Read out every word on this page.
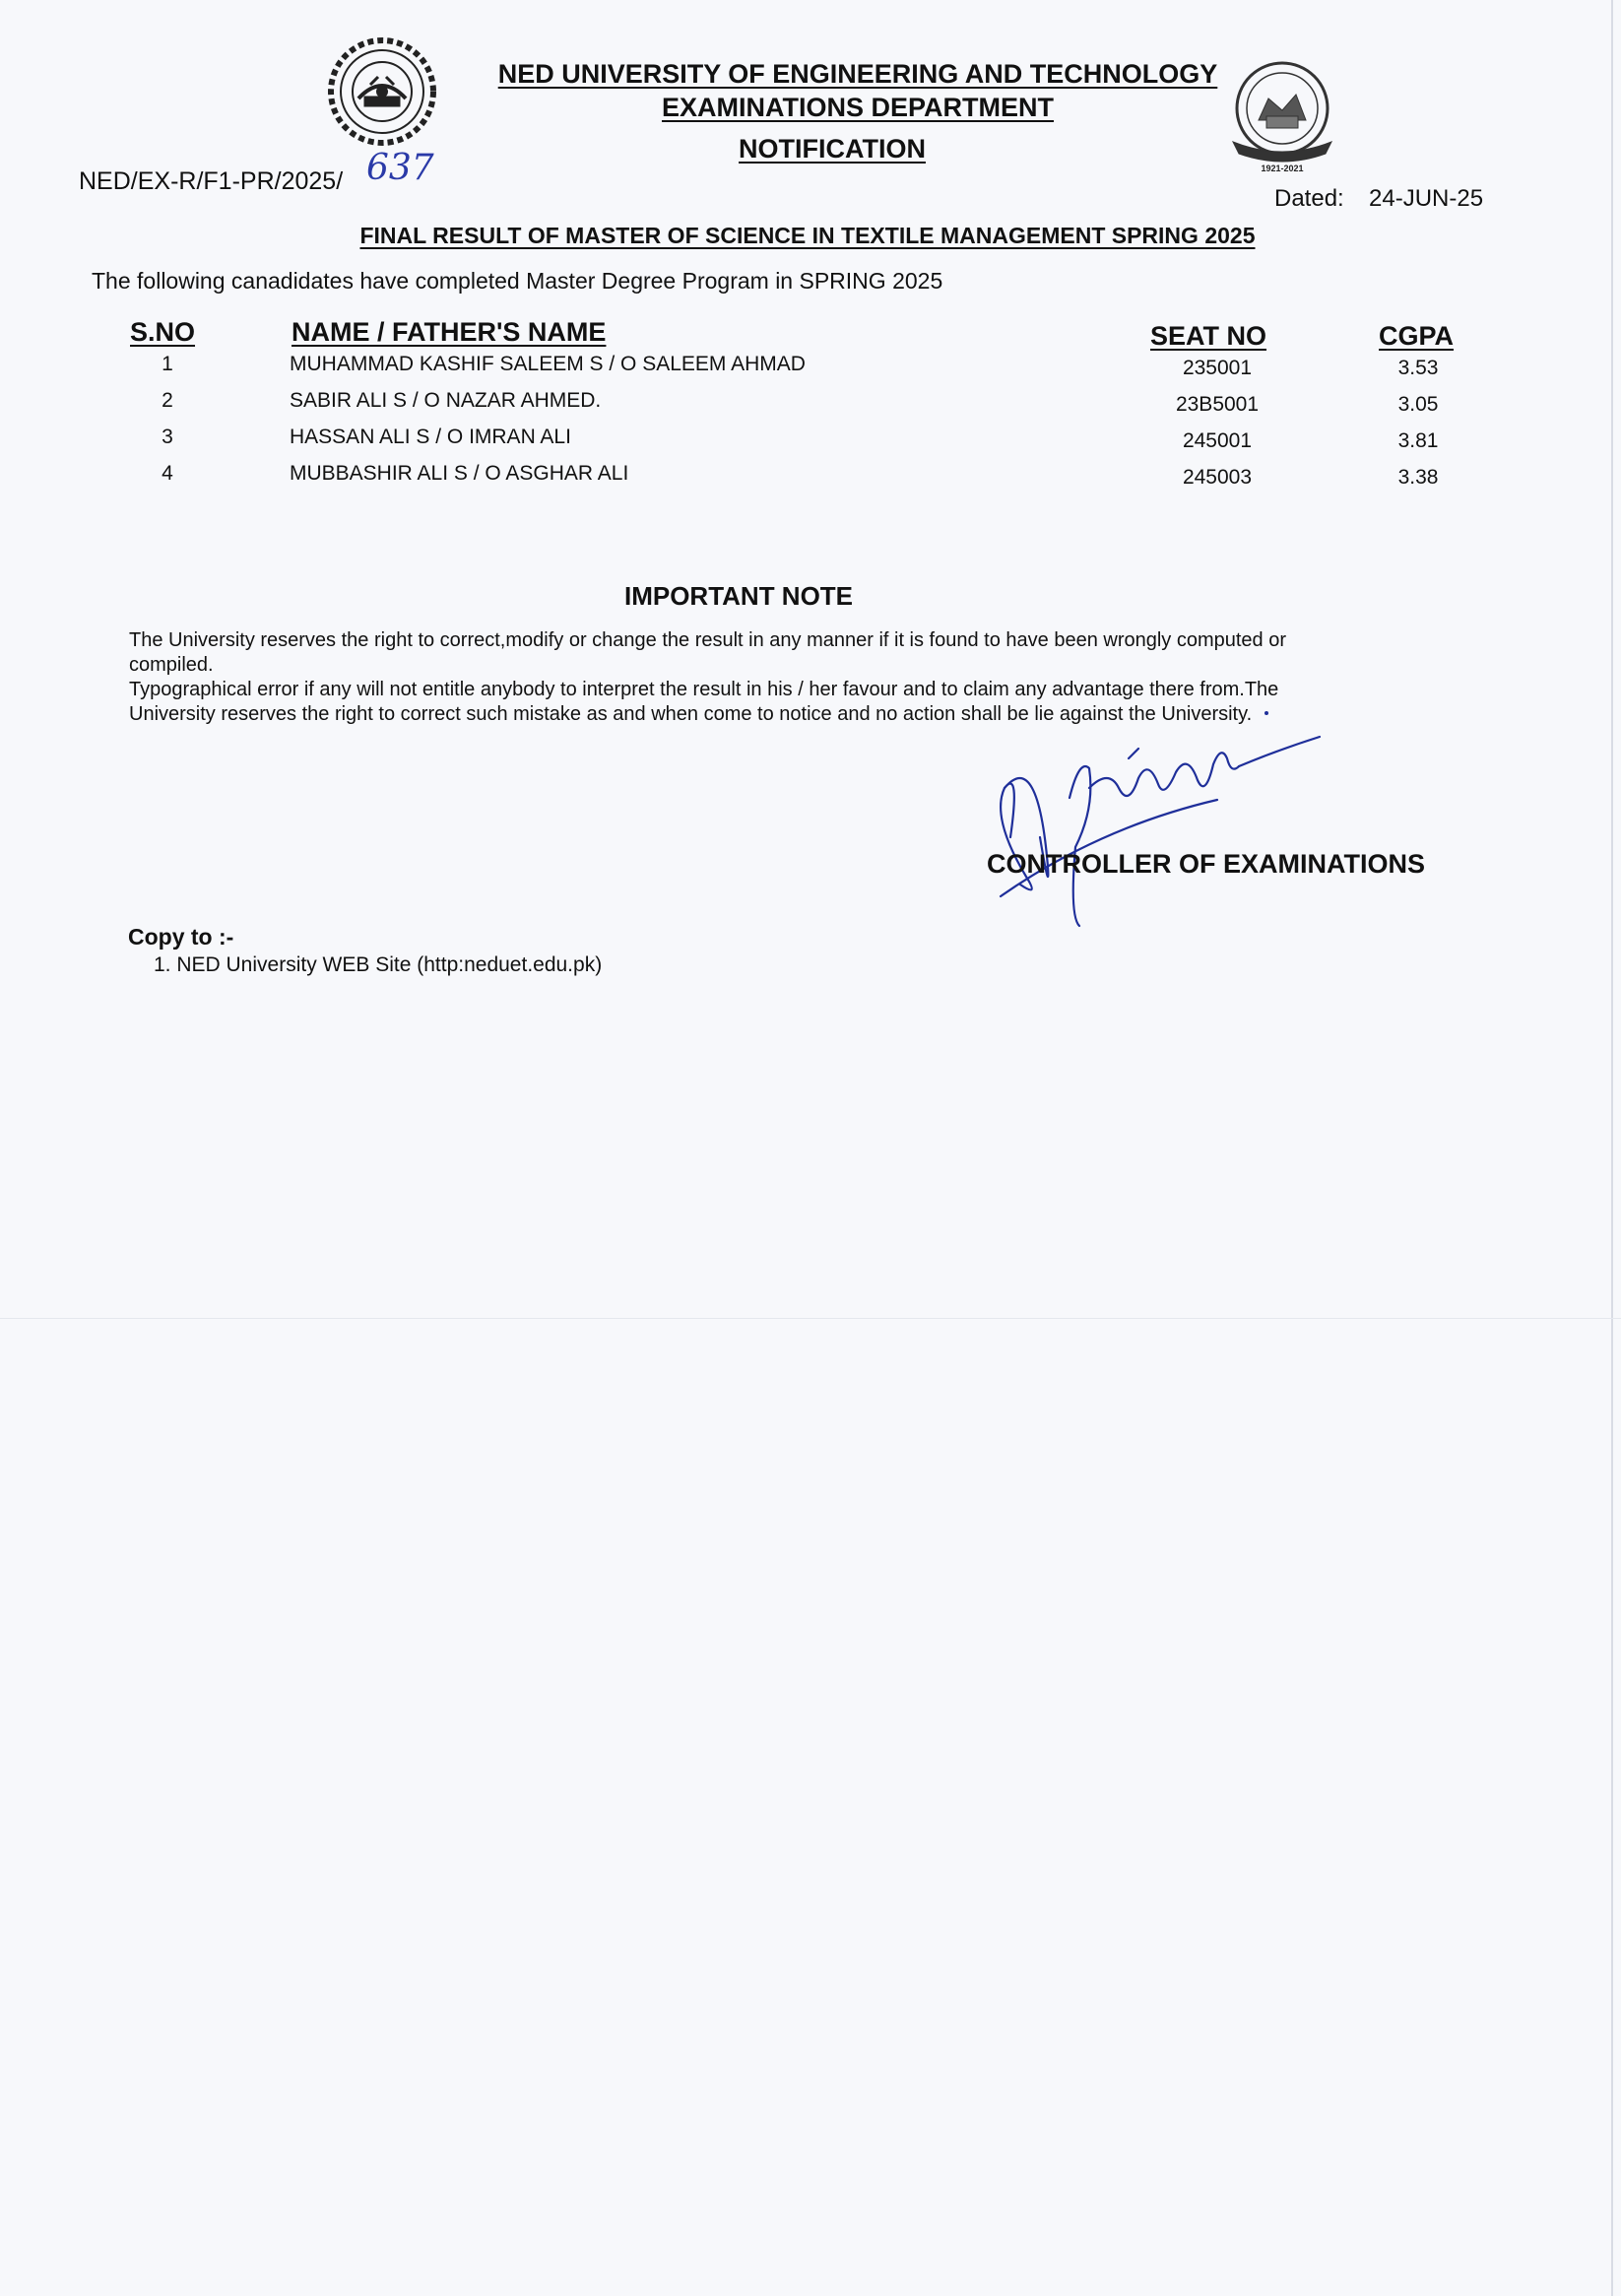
1921-2021
NED UNIVERSITY OF ENGINEERING AND TECHNOLOGY
EXAMINATIONS DEPARTMENT
NOTIFICATION
NED/EX-R/F1-PR/2025/ 637
Dated: 24-JUN-25
FINAL RESULT OF MASTER OF SCIENCE IN TEXTILE MANAGEMENT SPRING 2025
The following canadidates have completed Master Degree Program in SPRING 2025
S.NO	NAME / FATHER'S NAME	SEAT NO	CGPA
1	MUHAMMAD KASHIF SALEEM S / O SALEEM AHMAD	235001	3.53
2	SABIR ALI S / O NAZAR AHMED.	23B5001	3.05
3	HASSAN ALI S / O IMRAN ALI	245001	3.81
4	MUBBASHIR ALI S / O ASGHAR ALI	245003	3.38
IMPORTANT NOTE
The University reserves the right to correct,modify or change the result in any manner if it is found to have been wrongly computed or compiled.
Typographical error if any will not entitle anybody to interpret the result in his / her favour and to claim any advantage there from.The University reserves the right to correct such mistake as and when come to notice and no action shall be lie against the University.
CONTROLLER OF EXAMINATIONS
Copy to :-
1. NED University WEB Site (http:neduet.edu.pk)
